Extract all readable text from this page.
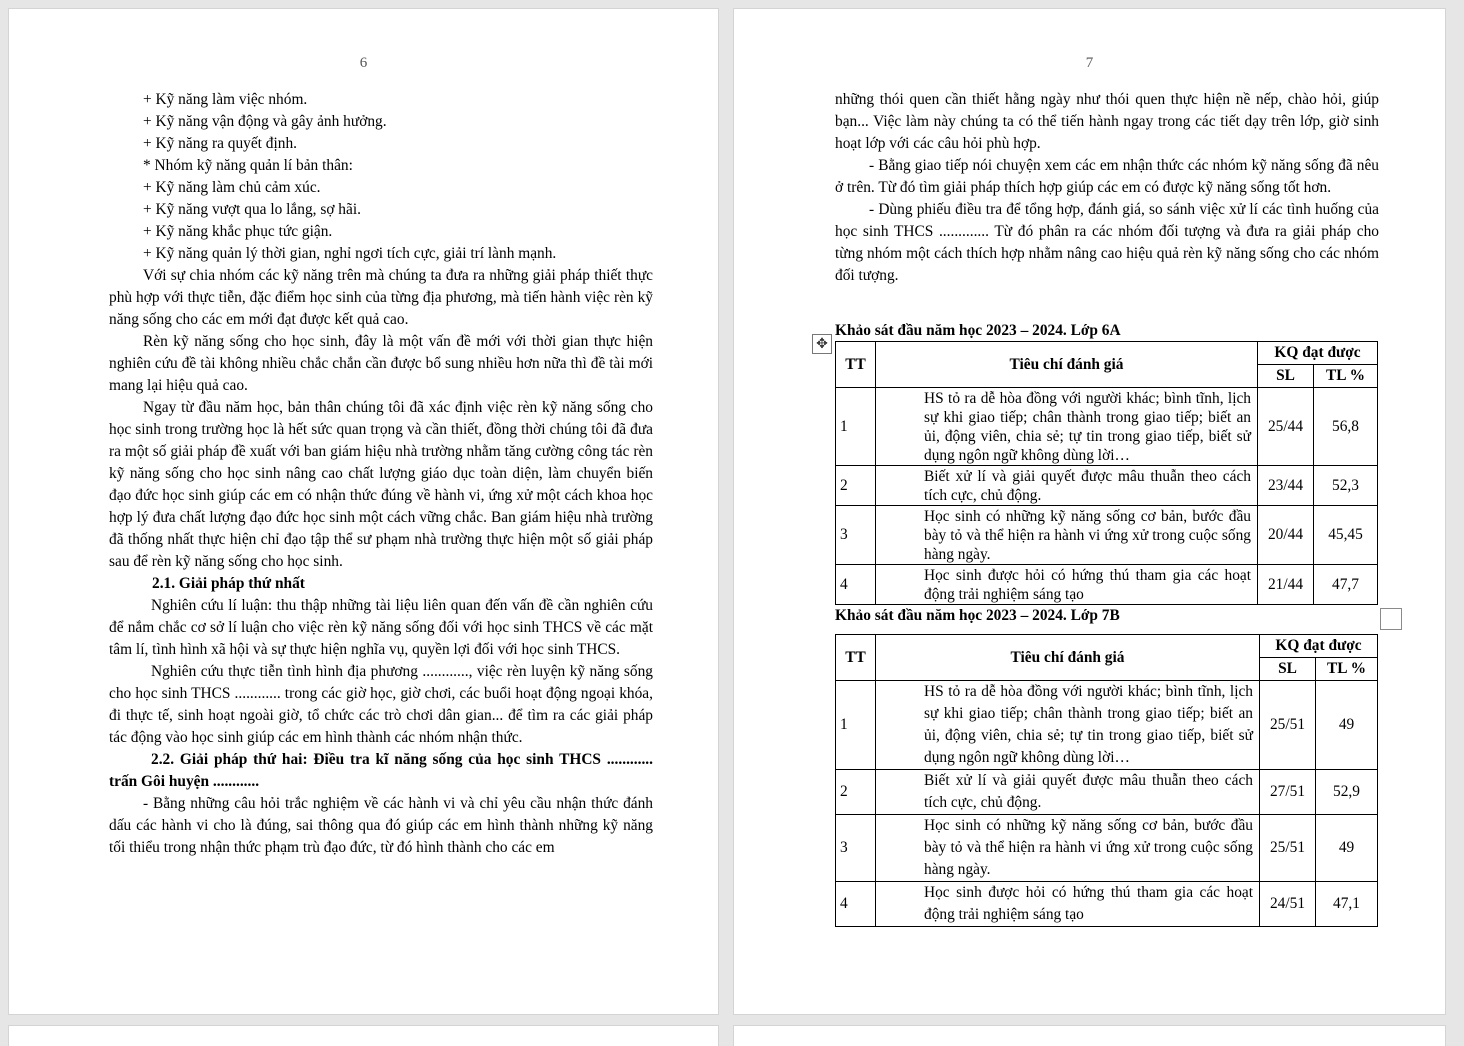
6

+ Kỹ năng làm việc nhóm.

+ Kỹ năng vận động và gây ảnh hưởng.

+ Kỹ năng ra quyết định.

* Nhóm kỹ năng quản lí bản thân:

+ Kỹ năng làm chủ cảm xúc.

+ Kỹ năng vượt qua lo lắng, sợ hãi.

+ Kỹ năng khắc phục tức giận.

+ Kỹ năng quản lý thời gian, nghỉ ngơi tích cực, giải trí lành mạnh.

Với sự chia nhóm các kỹ năng trên mà chúng ta đưa ra những giải pháp thiết thực phù hợp với thực tiễn, đặc điểm học sinh của từng địa phương, mà tiến hành việc rèn kỹ năng sống cho các em mới đạt được kết quả cao.

Rèn kỹ năng sống cho học sinh, đây là một vấn đề mới với thời gian thực hiện nghiên cứu đề tài không nhiều chắc chắn cần được bổ sung nhiều hơn nữa thì đề tài mới mang lại hiệu quả cao.

Ngay từ đầu năm học, bản thân chúng tôi đã xác định việc rèn kỹ năng sống cho học sinh trong trường học là hết sức quan trọng và cần thiết, đồng thời chúng tôi đã đưa ra một số giải pháp đề xuất với ban giám hiệu nhà trường nhằm tăng cường công tác rèn kỹ năng sống cho học sinh nâng cao chất lượng giáo dục toàn diện, làm chuyển biến đạo đức học sinh giúp các em có nhận thức đúng về hành vi, ứng xử một cách khoa học hợp lý đưa chất lượng đạo đức học sinh một cách vững chắc. Ban giám hiệu nhà trường đã thống nhất thực hiện chỉ đạo tập thể sư phạm nhà trường thực hiện một số giải pháp sau để rèn kỹ năng sống cho học sinh.

2.1. Giải pháp thứ nhất

Nghiên cứu lí luận: thu thập những tài liệu liên quan đến vấn đề cần nghiên cứu để nắm chắc cơ sở lí luận cho việc rèn kỹ năng sống đối với học sinh THCS về các mặt tâm lí, tình hình xã hội và sự thực hiện nghĩa vụ, quyền lợi đối với học sinh THCS.

Nghiên cứu thực tiễn tình hình địa phương ............, việc rèn luyện kỹ năng sống cho học sinh THCS ............ trong các giờ học, giờ chơi, các buổi hoạt động ngoại khóa, đi thực tế, sinh hoạt ngoài giờ, tổ chức các trò chơi dân gian... để tìm ra các giải pháp tác động vào học sinh giúp các em hình thành các nhóm nhận thức.

2.2. Giải pháp thứ hai: Điều tra kĩ năng sống của học sinh THCS ............ trấn Gôi huyện ............

- Bằng những câu hỏi trắc nghiệm về các hành vi và chỉ yêu cầu nhận thức đánh dấu các hành vi cho là đúng, sai thông qua đó giúp các em hình thành những kỹ năng tối thiểu trong nhận thức phạm trù đạo đức, từ đó hình thành cho các em

7

những thói quen cần thiết hằng ngày như thói quen thực hiện nề nếp, chào hỏi, giúp bạn... Việc làm này chúng ta có thể tiến hành ngay trong các tiết dạy trên lớp, giờ sinh hoạt lớp với các câu hỏi phù hợp.

- Bằng giao tiếp nói chuyện xem các em nhận thức các nhóm kỹ năng sống đã nêu ở trên. Từ đó tìm giải pháp thích hợp giúp các em có được kỹ năng sống tốt hơn.

- Dùng phiếu điều tra để tổng hợp, đánh giá, so sánh việc xử lí các tình huống của học sinh THCS ............. Từ đó phân ra các nhóm đối tượng và đưa ra giải pháp cho từng nhóm một cách thích hợp nhằm nâng cao hiệu quả rèn kỹ năng sống cho các nhóm đối tượng.

Khảo sát đầu năm học 2023 – 2024. Lớp 6A

TT	Tiêu chí đánh giá	KQ đạt được	
		SL	TL %
1	HS tỏ ra dễ hòa đồng với người khác; bình tĩnh, lịch sự khi giao tiếp; chân thành trong giao tiếp; biết an ủi, động viên, chia sẻ; tự tin trong giao tiếp, biết sử dụng ngôn ngữ không dùng lời…	25/44	56,8
2	Biết xử lí và giải quyết được mâu thuẫn theo cách tích cực, chủ động.	23/44	52,3
3	Học sinh có những kỹ năng sống cơ bản, bước đầu bày tỏ và thể hiện ra hành vi ứng xử trong cuộc sống hàng ngày.	20/44	45,45
4	Học sinh được hỏi có hứng thú tham gia các hoạt động trải nghiệm sáng tạo	21/44	47,7

Khảo sát đầu năm học 2023 – 2024. Lớp 7B

TT	Tiêu chí đánh giá	KQ đạt được	
		SL	TL %
1	HS tỏ ra dễ hòa đồng với người khác; bình tĩnh, lịch sự khi giao tiếp; chân thành trong giao tiếp; biết an ủi, động viên, chia sẻ; tự tin trong giao tiếp, biết sử dụng ngôn ngữ không dùng lời…	25/51	49
2	Biết xử lí và giải quyết được mâu thuẫn theo cách tích cực, chủ động.	27/51	52,9
3	Học sinh có những kỹ năng sống cơ bản, bước đầu bày tỏ và thể hiện ra hành vi ứng xử trong cuộc sống hàng ngày.	25/51	49
4	Học sinh được hỏi có hứng thú tham gia các hoạt động trải nghiệm sáng tạo	24/51	47,1
✥
